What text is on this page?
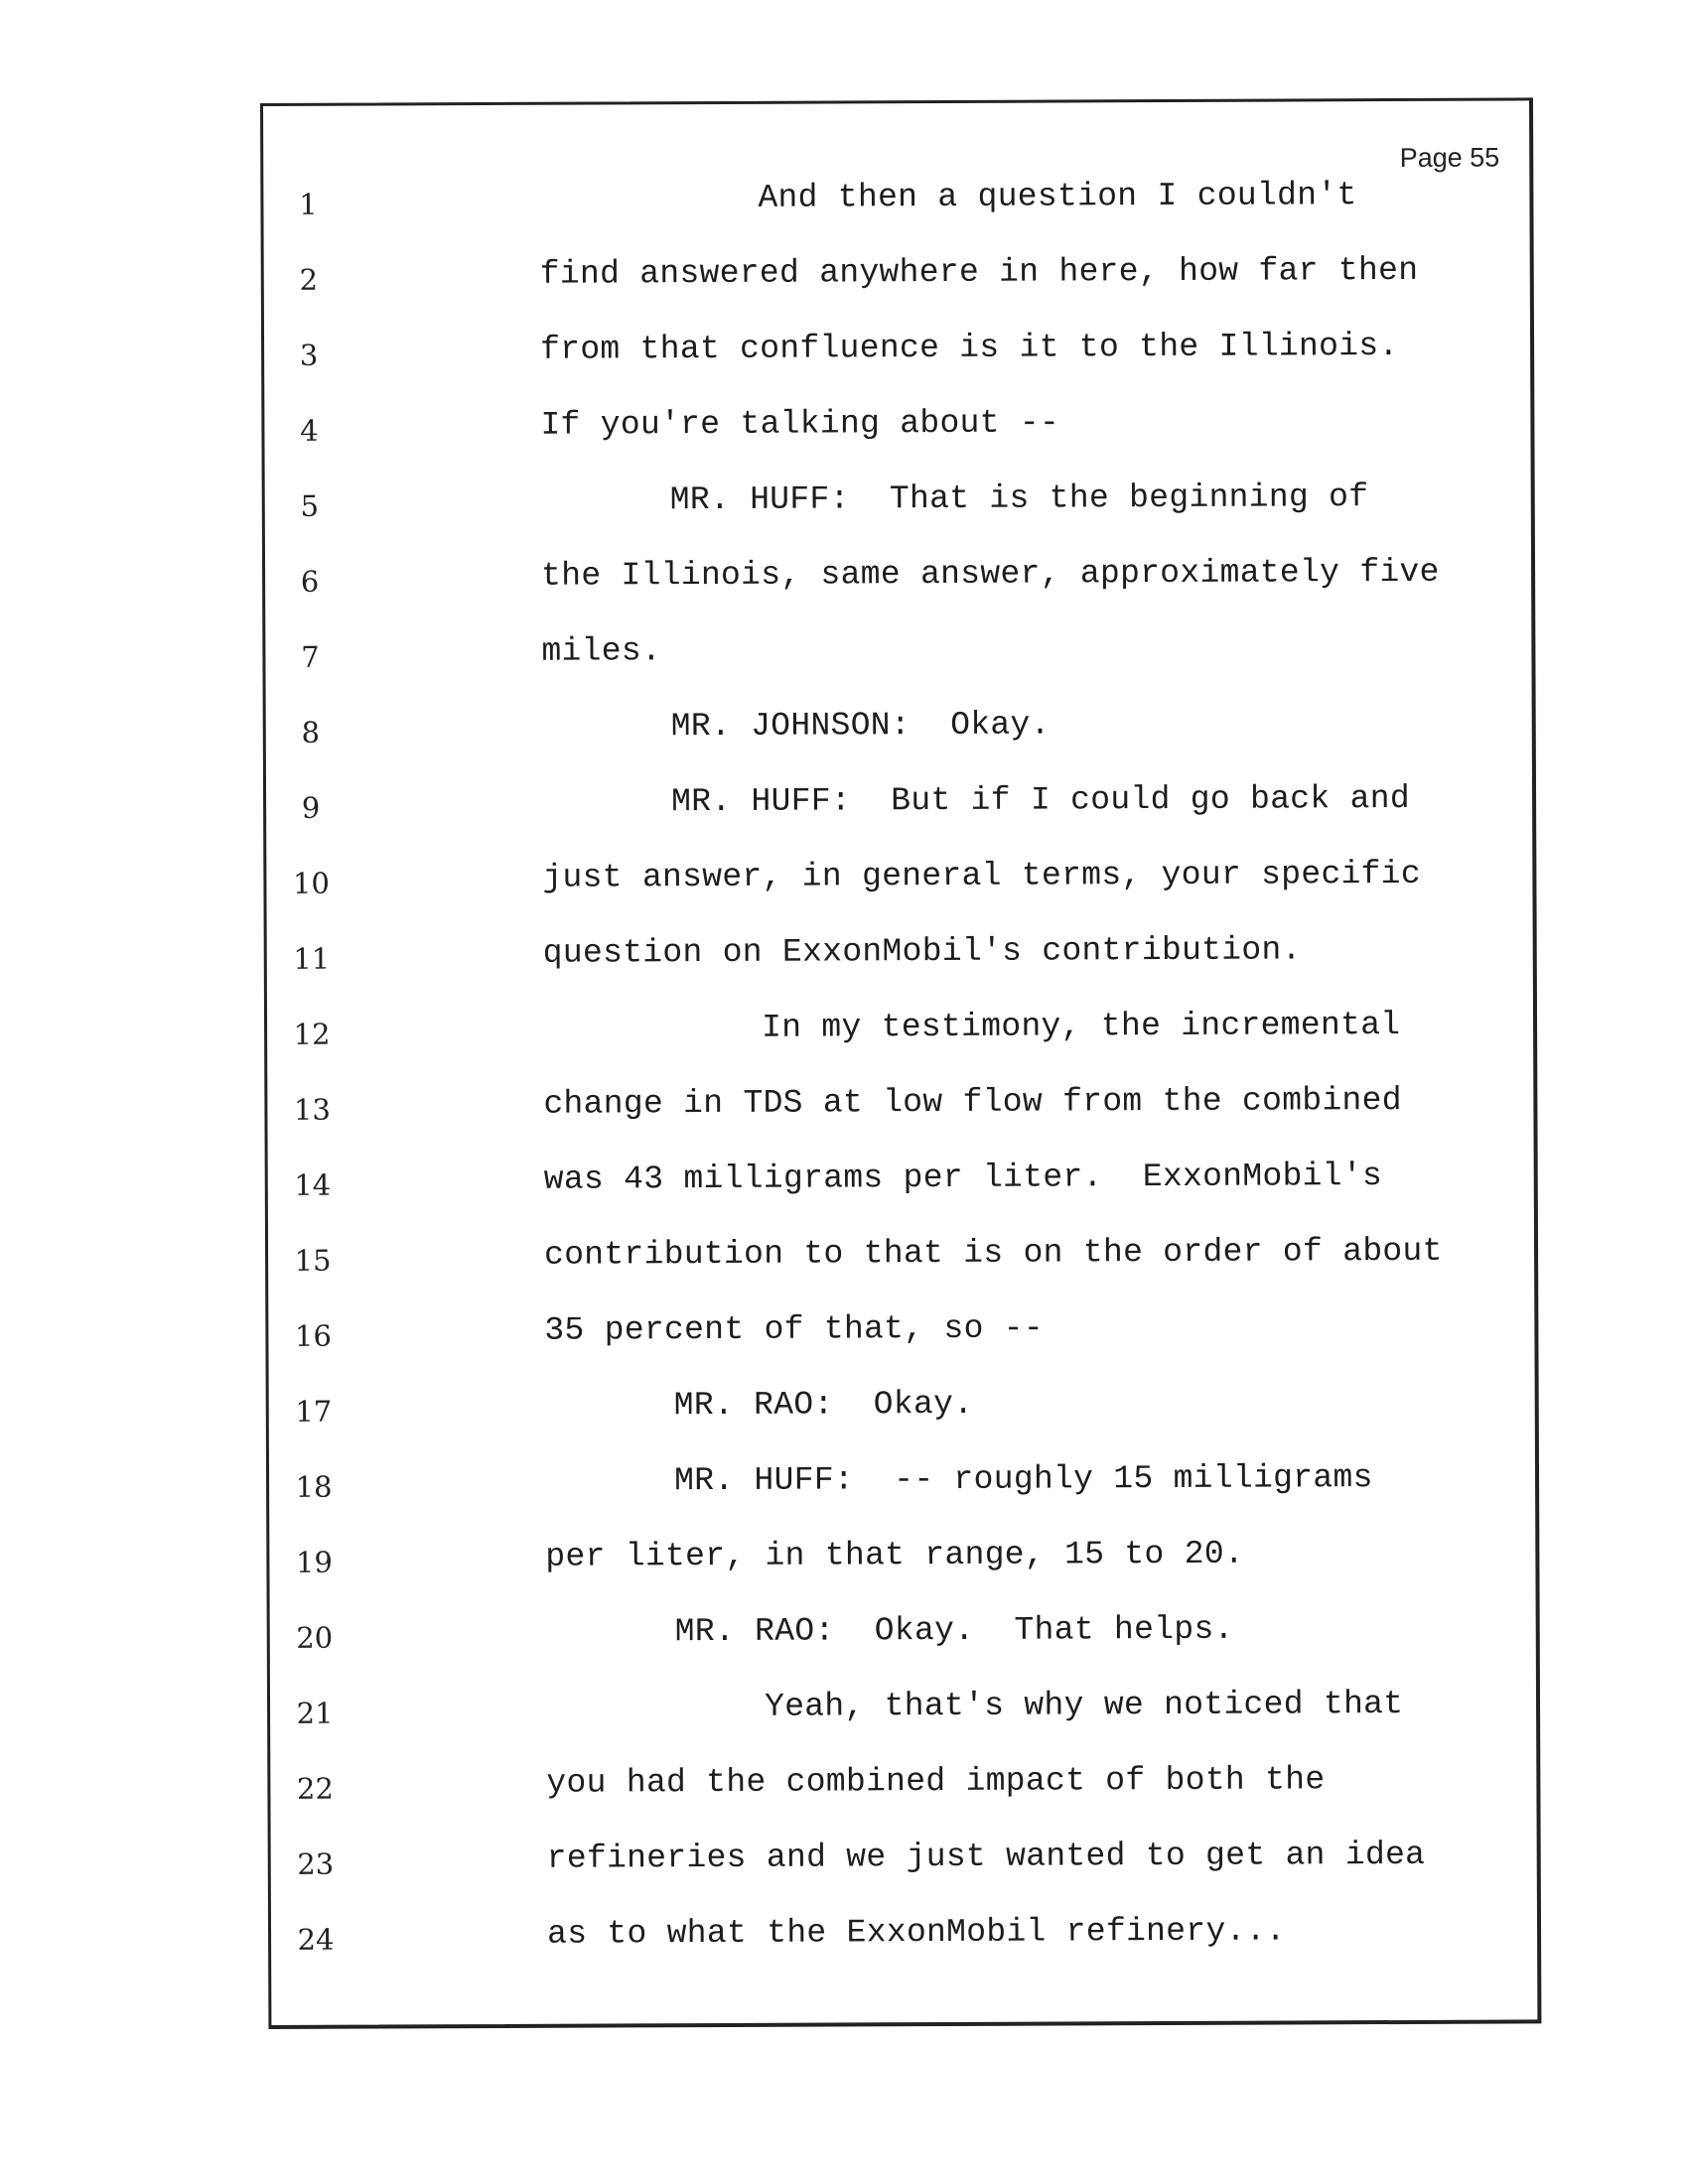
Page 55
1
2
3
4
5
6
7
8
9
10
11
12
13
14
15
16
17
18
19
20
21
22
23
24
And then a question I couldn't
find answered anywhere in here, how far then
from that confluence is it to the Illinois.
If you're talking about --
MR. HUFF:  That is the beginning of
the Illinois, same answer, approximately five
miles.
MR. JOHNSON:  Okay.
MR. HUFF:  But if I could go back and
just answer, in general terms, your specific
question on ExxonMobil's contribution.
In my testimony, the incremental
change in TDS at low flow from the combined
was 43 milligrams per liter.  ExxonMobil's
contribution to that is on the order of about
35 percent of that, so --
MR. RAO:  Okay.
MR. HUFF:  -- roughly 15 milligrams
per liter, in that range, 15 to 20.
MR. RAO:  Okay.  That helps.
Yeah, that's why we noticed that
you had the combined impact of both the
refineries and we just wanted to get an idea
as to what the ExxonMobil refinery...
